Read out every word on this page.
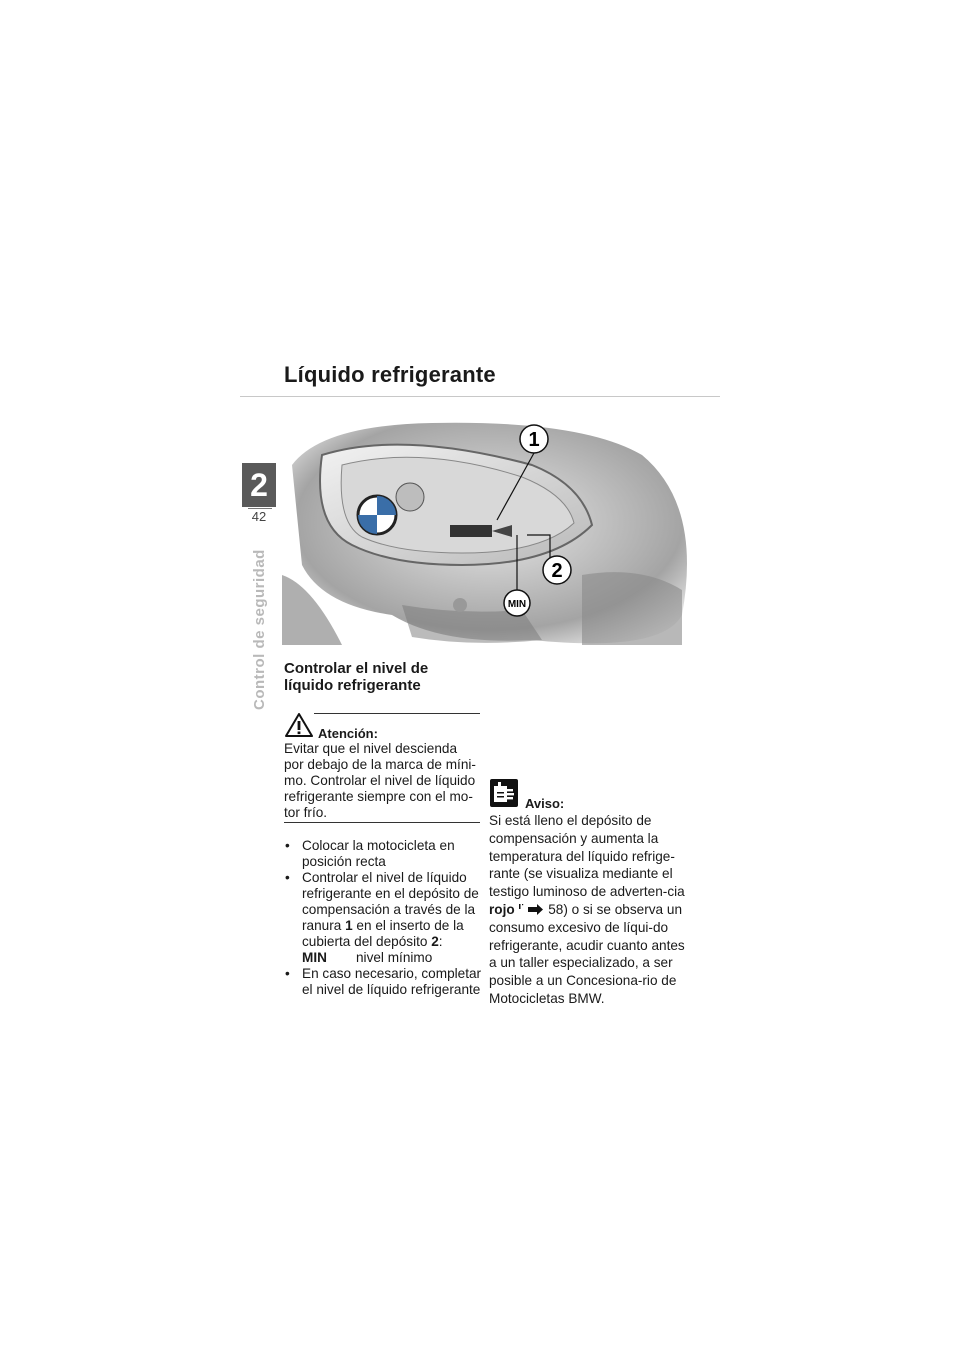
Líquido refrigerante
2
42
Control de seguridad
1
2
MIN
Controlar el nivel de
líquido refrigerante
Atención:

Evitar que el nivel descienda por debajo de la marca de míni-mo. Controlar el nivel de líquido refrigerante siempre con el mo-tor frío.

• Colocar la motocicleta en posición recta
• Controlar el nivel de líquido refrigerante en el depósito de compensación a través de la ranura 1 en el inserto de la cubierta del depósito 2:
MIN	nivel mínimo
• En caso necesario, completar el nivel de líquido refrigerante
Aviso:

Si está lleno el depósito de compensación y aumenta la temperatura del líquido refrige-rante (se visualiza mediante el testigo luminoso de adverten-cia rojo 58) o si se observa un consumo excesivo de líqui-do refrigerante, acudir cuanto antes a un taller especializado, a ser posible a un Concesiona-rio de Motocicletas BMW.
